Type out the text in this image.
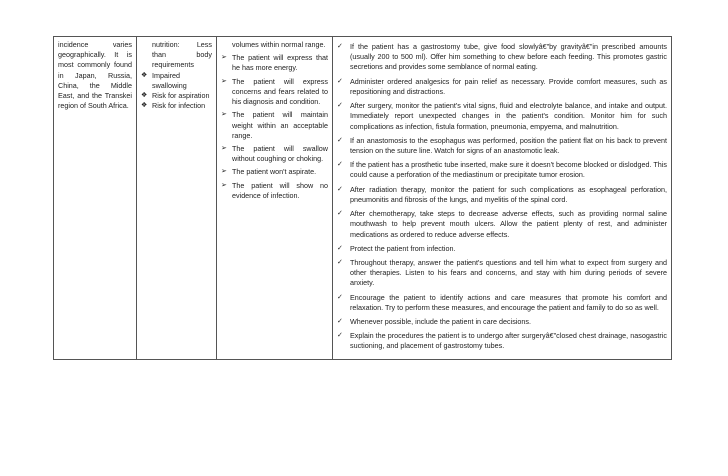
incidence varies geographically. It is most commonly found in Japan, Russia, China, the Middle East, and the Transkei region of South Africa.

nutrition: Less than body requirements
❖ Impaired swallowing
❖ Risk for aspiration
❖ Risk for infection

volumes within normal range.
➢ The patient will express that he has more energy.
➢ The patient will express concerns and fears related to his diagnosis and condition.
➢ The patient will maintain weight within an acceptable range.
➢ The patient will swallow without coughing or choking.
➢ The patient won't aspirate.
➢ The patient will show no evidence of infection.

✓ If the patient has a gastrostomy tube, give food slowlyâ€"by gravityâ€"in prescribed amounts (usually 200 to 500 ml). Offer him something to chew before each feeding. This promotes gastric secretions and provides some semblance of normal eating.
✓ Administer ordered analgesics for pain relief as necessary. Provide comfort measures, such as repositioning and distractions.
✓ After surgery, monitor the patient's vital signs, fluid and electrolyte balance, and intake and output. Immediately report unexpected changes in the patient's condition. Monitor him for such complications as infection, fistula formation, pneumonia, empyema, and malnutrition.
✓ If an anastomosis to the esophagus was performed, position the patient flat on his back to prevent tension on the suture line. Watch for signs of an anastomotic leak.
✓ If the patient has a prosthetic tube inserted, make sure it doesn't become blocked or dislodged. This could cause a perforation of the mediastinum or precipitate tumor erosion.
✓ After radiation therapy, monitor the patient for such complications as esophageal perforation, pneumonitis and fibrosis of the lungs, and myelitis of the spinal cord.
✓ After chemotherapy, take steps to decrease adverse effects, such as providing normal saline mouthwash to help prevent mouth ulcers. Allow the patient plenty of rest, and administer medications as ordered to reduce adverse effects.
✓ Protect the patient from infection.
✓ Throughout therapy, answer the patient's questions and tell him what to expect from surgery and other therapies. Listen to his fears and concerns, and stay with him during periods of severe anxiety.
✓ Encourage the patient to identify actions and care measures that promote his comfort and relaxation. Try to perform these measures, and encourage the patient and family to do so as well.
✓ Whenever possible, include the patient in care decisions.
✓ Explain the procedures the patient is to undergo after surgeryâ€"closed chest drainage, nasogastric suctioning, and placement of gastrostomy tubes.
